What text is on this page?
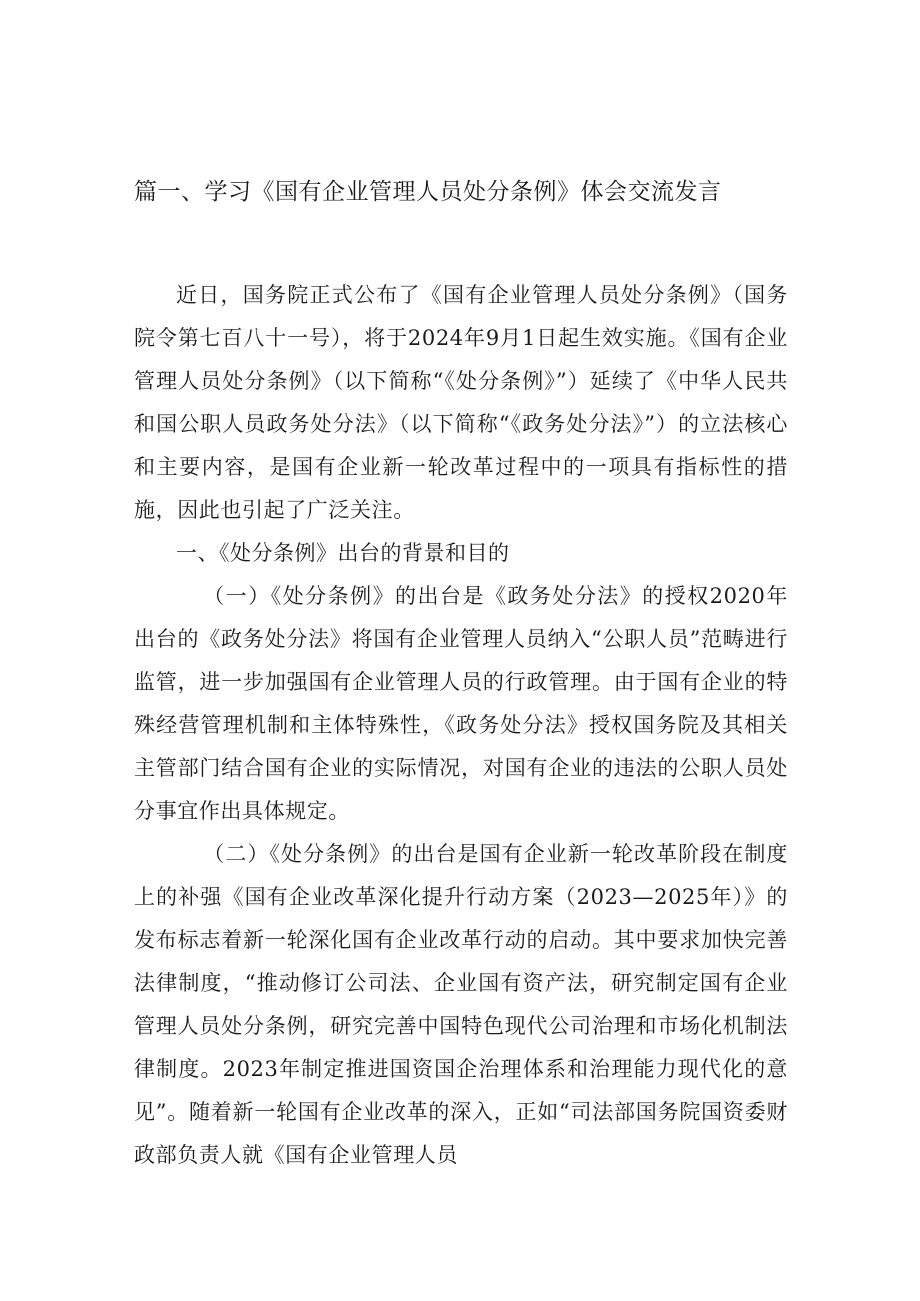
篇一、学习《国有企业管理人员处分条例》体会交流发言

近日，国务院正式公布了《国有企业管理人员处分条例》（国务院令第七百八十一号），将于2024年9月1日起生效实施。《国有企业管理人员处分条例》（以下简称“《处分条例》”）延续了《中华人民共和国公职人员政务处分法》（以下简称“《政务处分法》”）的立法核心和主要内容，是国有企业新一轮改革过程中的一项具有指标性的措施，因此也引起了广泛关注。

一、《处分条例》出台的背景和目的

（一）《处分条例》的出台是《政务处分法》的授权2020年出台的《政务处分法》将国有企业管理人员纳入“公职人员”范畴进行监管，进一步加强国有企业管理人员的行政管理。由于国有企业的特殊经营管理机制和主体特殊性，《政务处分法》授权国务院及其相关主管部门结合国有企业的实际情况，对国有企业的违法的公职人员处分事宜作出具体规定。

（二）《处分条例》的出台是国有企业新一轮改革阶段在制度上的补强《国有企业改革深化提升行动方案（2023—2025年）》的发布标志着新一轮深化国有企业改革行动的启动。其中要求加快完善法律制度，“推动修订公司法、企业国有资产法，研究制定国有企业管理人员处分条例，研究完善中国特色现代公司治理和市场化机制法律制度。2023年制定推进国资国企治理体系和治理能力现代化的意见”。随着新一轮国有企业改革的深入，正如“司法部国务院国资委财政部负责人就《国有企业管理人员
